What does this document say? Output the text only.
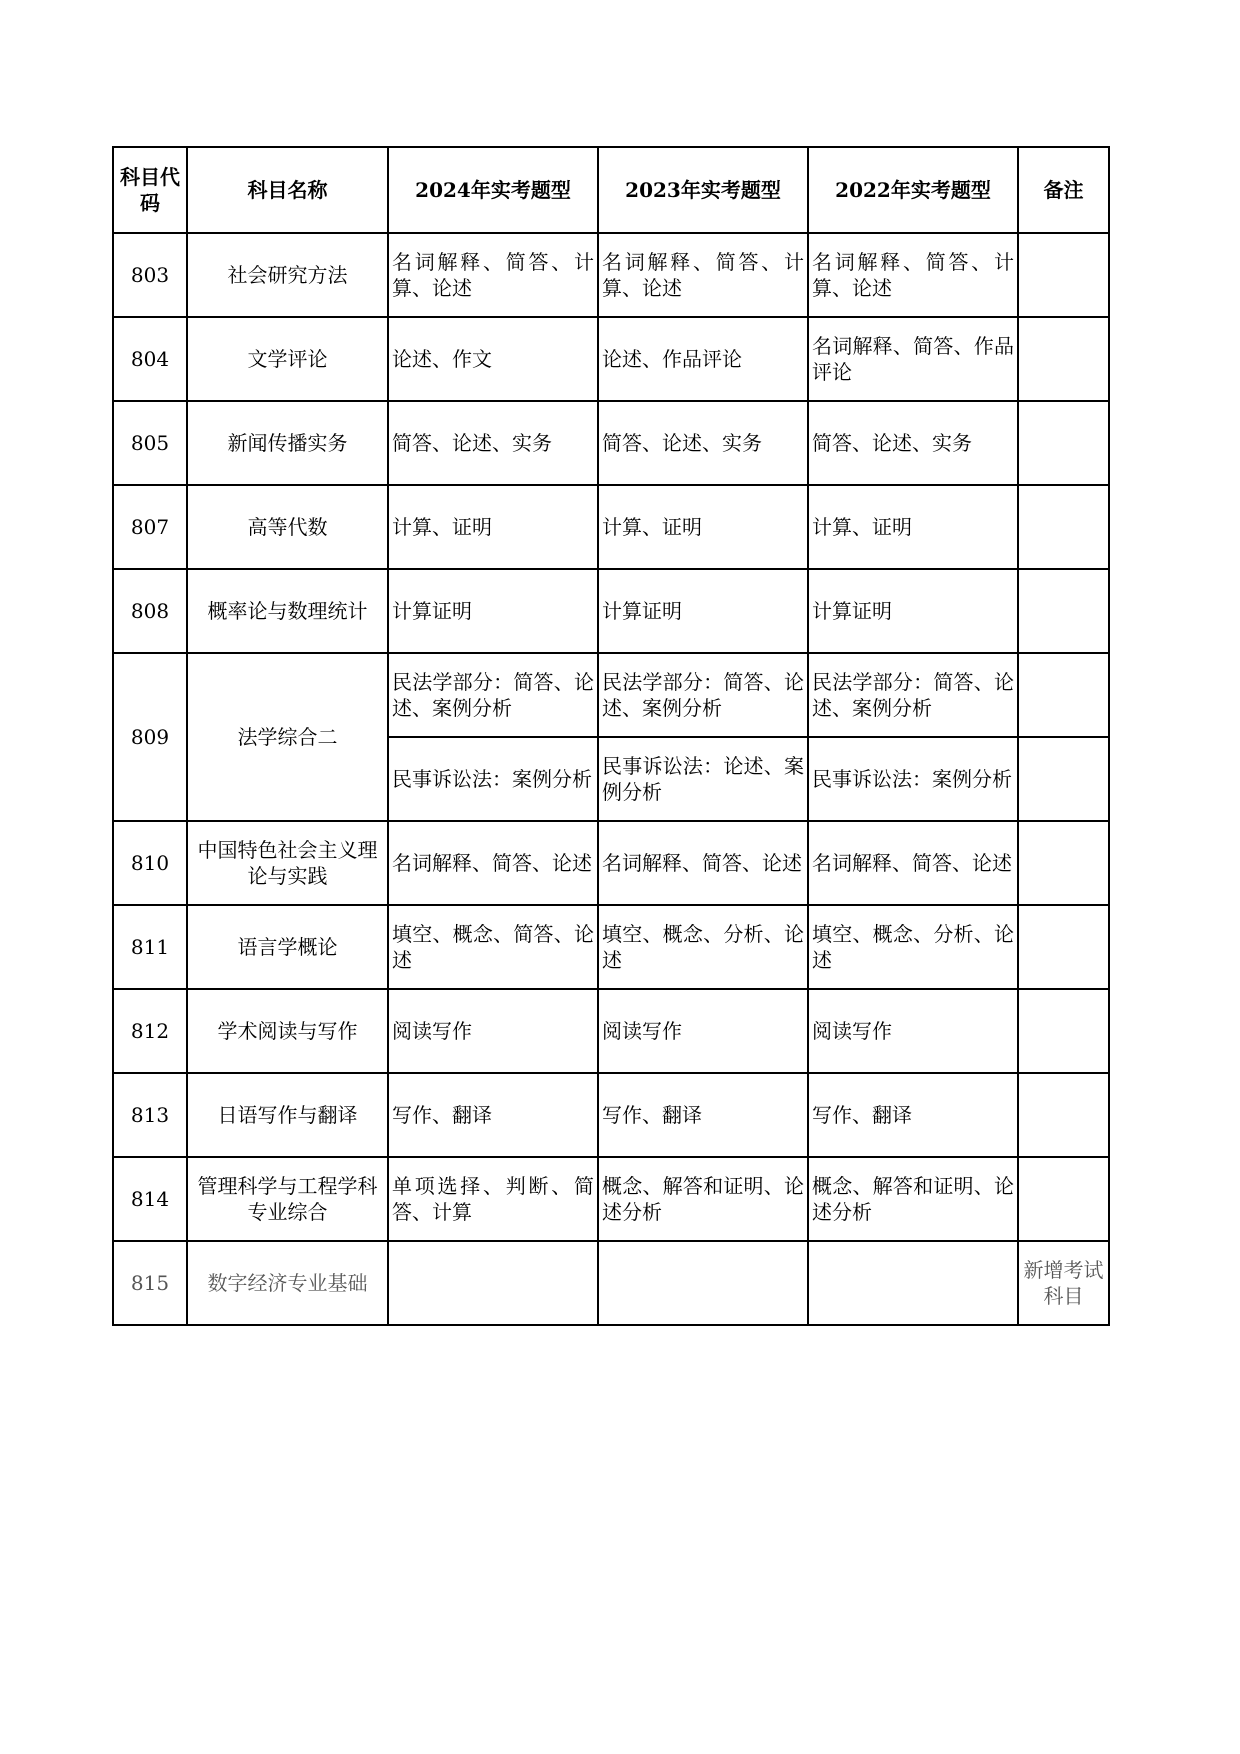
科目代码	科目名称	2024年实考题型	2023年实考题型	2022年实考题型	备注
803	社会研究方法	名词解释、简答、计算、论述	名词解释、简答、计算、论述	名词解释、简答、计算、论述	
804	文学评论	论述、作文	论述、作品评论	名词解释、简答、作品评论	
805	新闻传播实务	简答、论述、实务	简答、论述、实务	简答、论述、实务	
807	高等代数	计算、证明	计算、证明	计算、证明	
808	概率论与数理统计	计算证明	计算证明	计算证明	
809	法学综合二	民法学部分：简答、论述、案例分析	民法学部分：简答、论述、案例分析	民法学部分：简答、论述、案例分析	
		民事诉讼法：案例分析	民事诉讼法：论述、案例分析	民事诉讼法：案例分析	
810	中国特色社会主义理论与实践	名词解释、简答、论述	名词解释、简答、论述	名词解释、简答、论述	
811	语言学概论	填空、概念、简答、论述	填空、概念、分析、论述	填空、概念、分析、论述	
812	学术阅读与写作	阅读写作	阅读写作	阅读写作	
813	日语写作与翻译	写作、翻译	写作、翻译	写作、翻译	
814	管理科学与工程学科专业综合	单项选择、判断、简答、计算	概念、解答和证明、论述分析	概念、解答和证明、论述分析	
815	数字经济专业基础				新增考试科目
